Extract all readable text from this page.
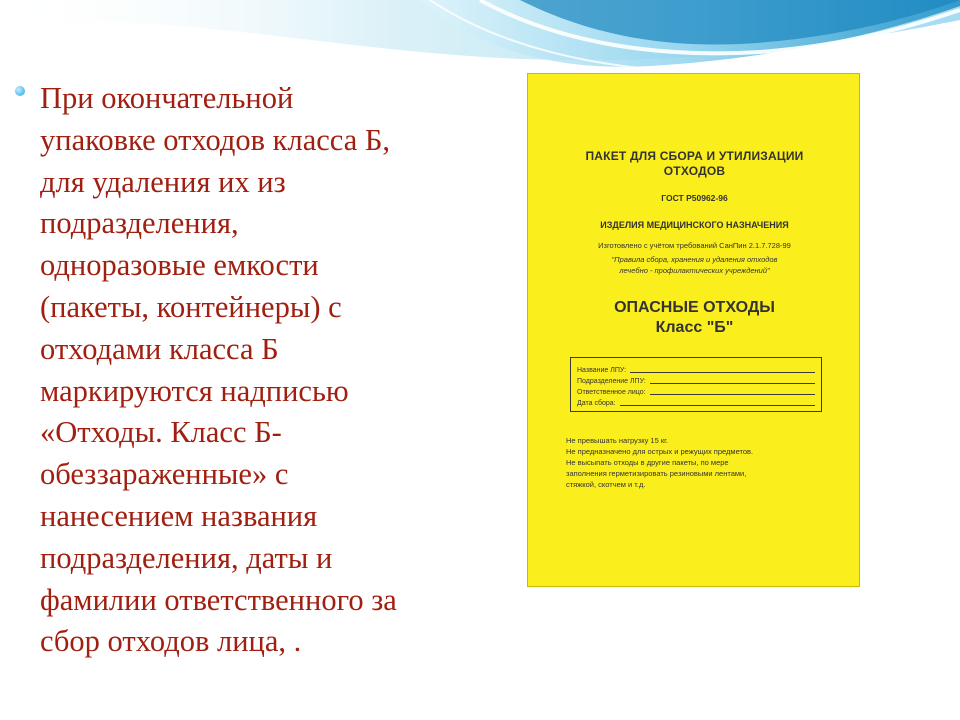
При окончательной
упаковке отходов класса Б,
для удаления их из
подразделения,
одноразовые емкости
(пакеты, контейнеры) с
отходами класса Б
маркируются надписью
«Отходы. Класс Б-
обеззараженные» с
нанесением названия
подразделения, даты и
фамилии ответственного за
сбор отходов лица, .

ПАКЕТ ДЛЯ СБОРА И УТИЛИЗАЦИИ
ОТХОДОВ

ГОСТ Р50962-96

ИЗДЕЛИЯ МЕДИЦИНСКОГО НАЗНАЧЕНИЯ

Изготовлено с учётом требований СанПин 2.1.7.728-99

"Правила сбора, хранения и удаления отходов
лечебно - профилактических учреждений"

ОПАСНЫЕ ОТХОДЫ
Класс "Б"

Название ЛПУ:
Подразделение ЛПУ:
Ответственное лицо:
Дата сбора:

Не превышать нагрузку 15 кг.
Не предназначено для острых и режущих предметов.
Не высыпать отходы в другие пакеты, по мере
заполнения герметизировать резиновыми лентами,
стяжкой, скотчем и т.д.
